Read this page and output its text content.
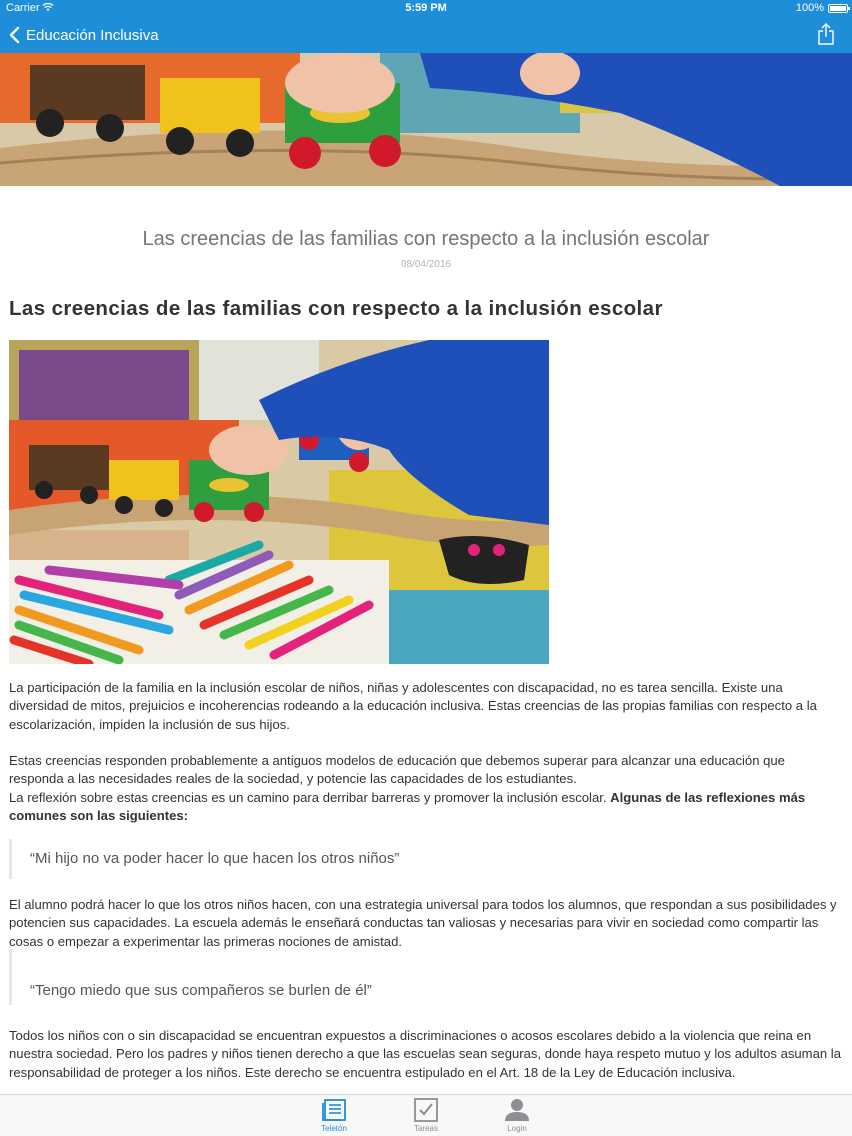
Carrier	5:59 PM	100%
Educación Inclusiva
Las creencias de las familias con respecto a la inclusión escolar
08/04/2016
Las creencias de las familias con respecto a la inclusión escolar

La participación de la familia en la inclusión escolar de niños, niñas y adolescentes con discapacidad, no es tarea sencilla. Existe una diversidad de mitos, prejuicios e incoherencias rodeando a la educación inclusiva. Estas creencias de las propias familias con respecto a la escolarización, impiden la inclusión de sus hijos.

Estas creencias responden probablemente a antiguos modelos de educación que debemos superar para alcanzar una educación que responda a las necesidades reales de la sociedad, y potencie las capacidades de los estudiantes.

La reflexión sobre estas creencias es un camino para derribar barreras y promover la inclusión escolar. Algunas de las reflexiones más comunes son las siguientes:

“Mi hijo no va poder hacer lo que hacen los otros niños”

El alumno podrá hacer lo que los otros niños hacen, con una estrategia universal para todos los alumnos, que respondan a sus posibilidades y potencien sus capacidades. La escuela además le enseñará conductas tan valiosas y necesarias para vivir en sociedad como compartir las cosas o empezar a experimentar las primeras nociones de amistad.

“Tengo miedo que sus compañeros se burlen de él”

Todos los niños con o sin discapacidad se encuentran expuestos a discriminaciones o acosos escolares debido a la violencia que reina en nuestra sociedad. Pero los padres y niños tienen derecho a que las escuelas sean seguras, donde haya respeto mutuo y los adultos asuman la responsabilidad de proteger a los niños. Este derecho se encuentra estipulado en el Art. 18 de la Ley de Educación inclusiva.

Teletón	Tareas	Login
